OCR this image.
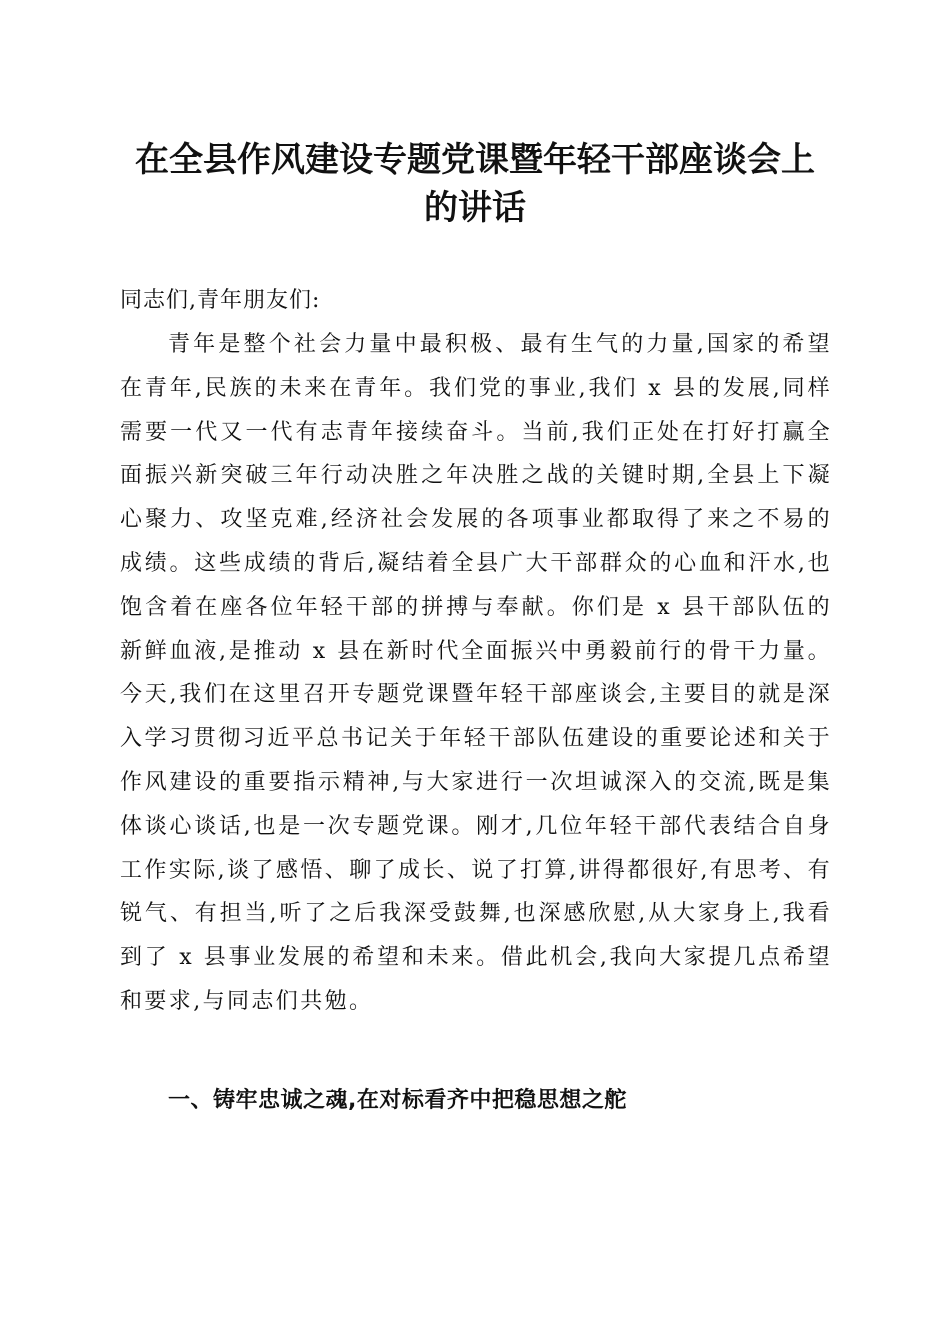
在全县作风建设专题党课暨年轻干部座谈会上
的讲话

同志们,青年朋友们:

青年是整个社会力量中最积极、最有生气的力量,国家的希望在青年,民族的未来在青年。我们党的事业,我们 x 县的发展,同样需要一代又一代有志青年接续奋斗。当前,我们正处在打好打赢全面振兴新突破三年行动决胜之年决胜之战的关键时期,全县上下凝心聚力、攻坚克难,经济社会发展的各项事业都取得了来之不易的成绩。这些成绩的背后,凝结着全县广大干部群众的心血和汗水,也饱含着在座各位年轻干部的拼搏与奉献。你们是 x 县干部队伍的新鲜血液,是推动 x 县在新时代全面振兴中勇毅前行的骨干力量。今天,我们在这里召开专题党课暨年轻干部座谈会,主要目的就是深入学习贯彻习近平总书记关于年轻干部队伍建设的重要论述和关于作风建设的重要指示精神,与大家进行一次坦诚深入的交流,既是集体谈心谈话,也是一次专题党课。刚才,几位年轻干部代表结合自身工作实际,谈了感悟、聊了成长、说了打算,讲得都很好,有思考、有锐气、有担当,听了之后我深受鼓舞,也深感欣慰,从大家身上,我看到了 x 县事业发展的希望和未来。借此机会,我向大家提几点希望和要求,与同志们共勉。

一、铸牢忠诚之魂,在对标看齐中把稳思想之舵
